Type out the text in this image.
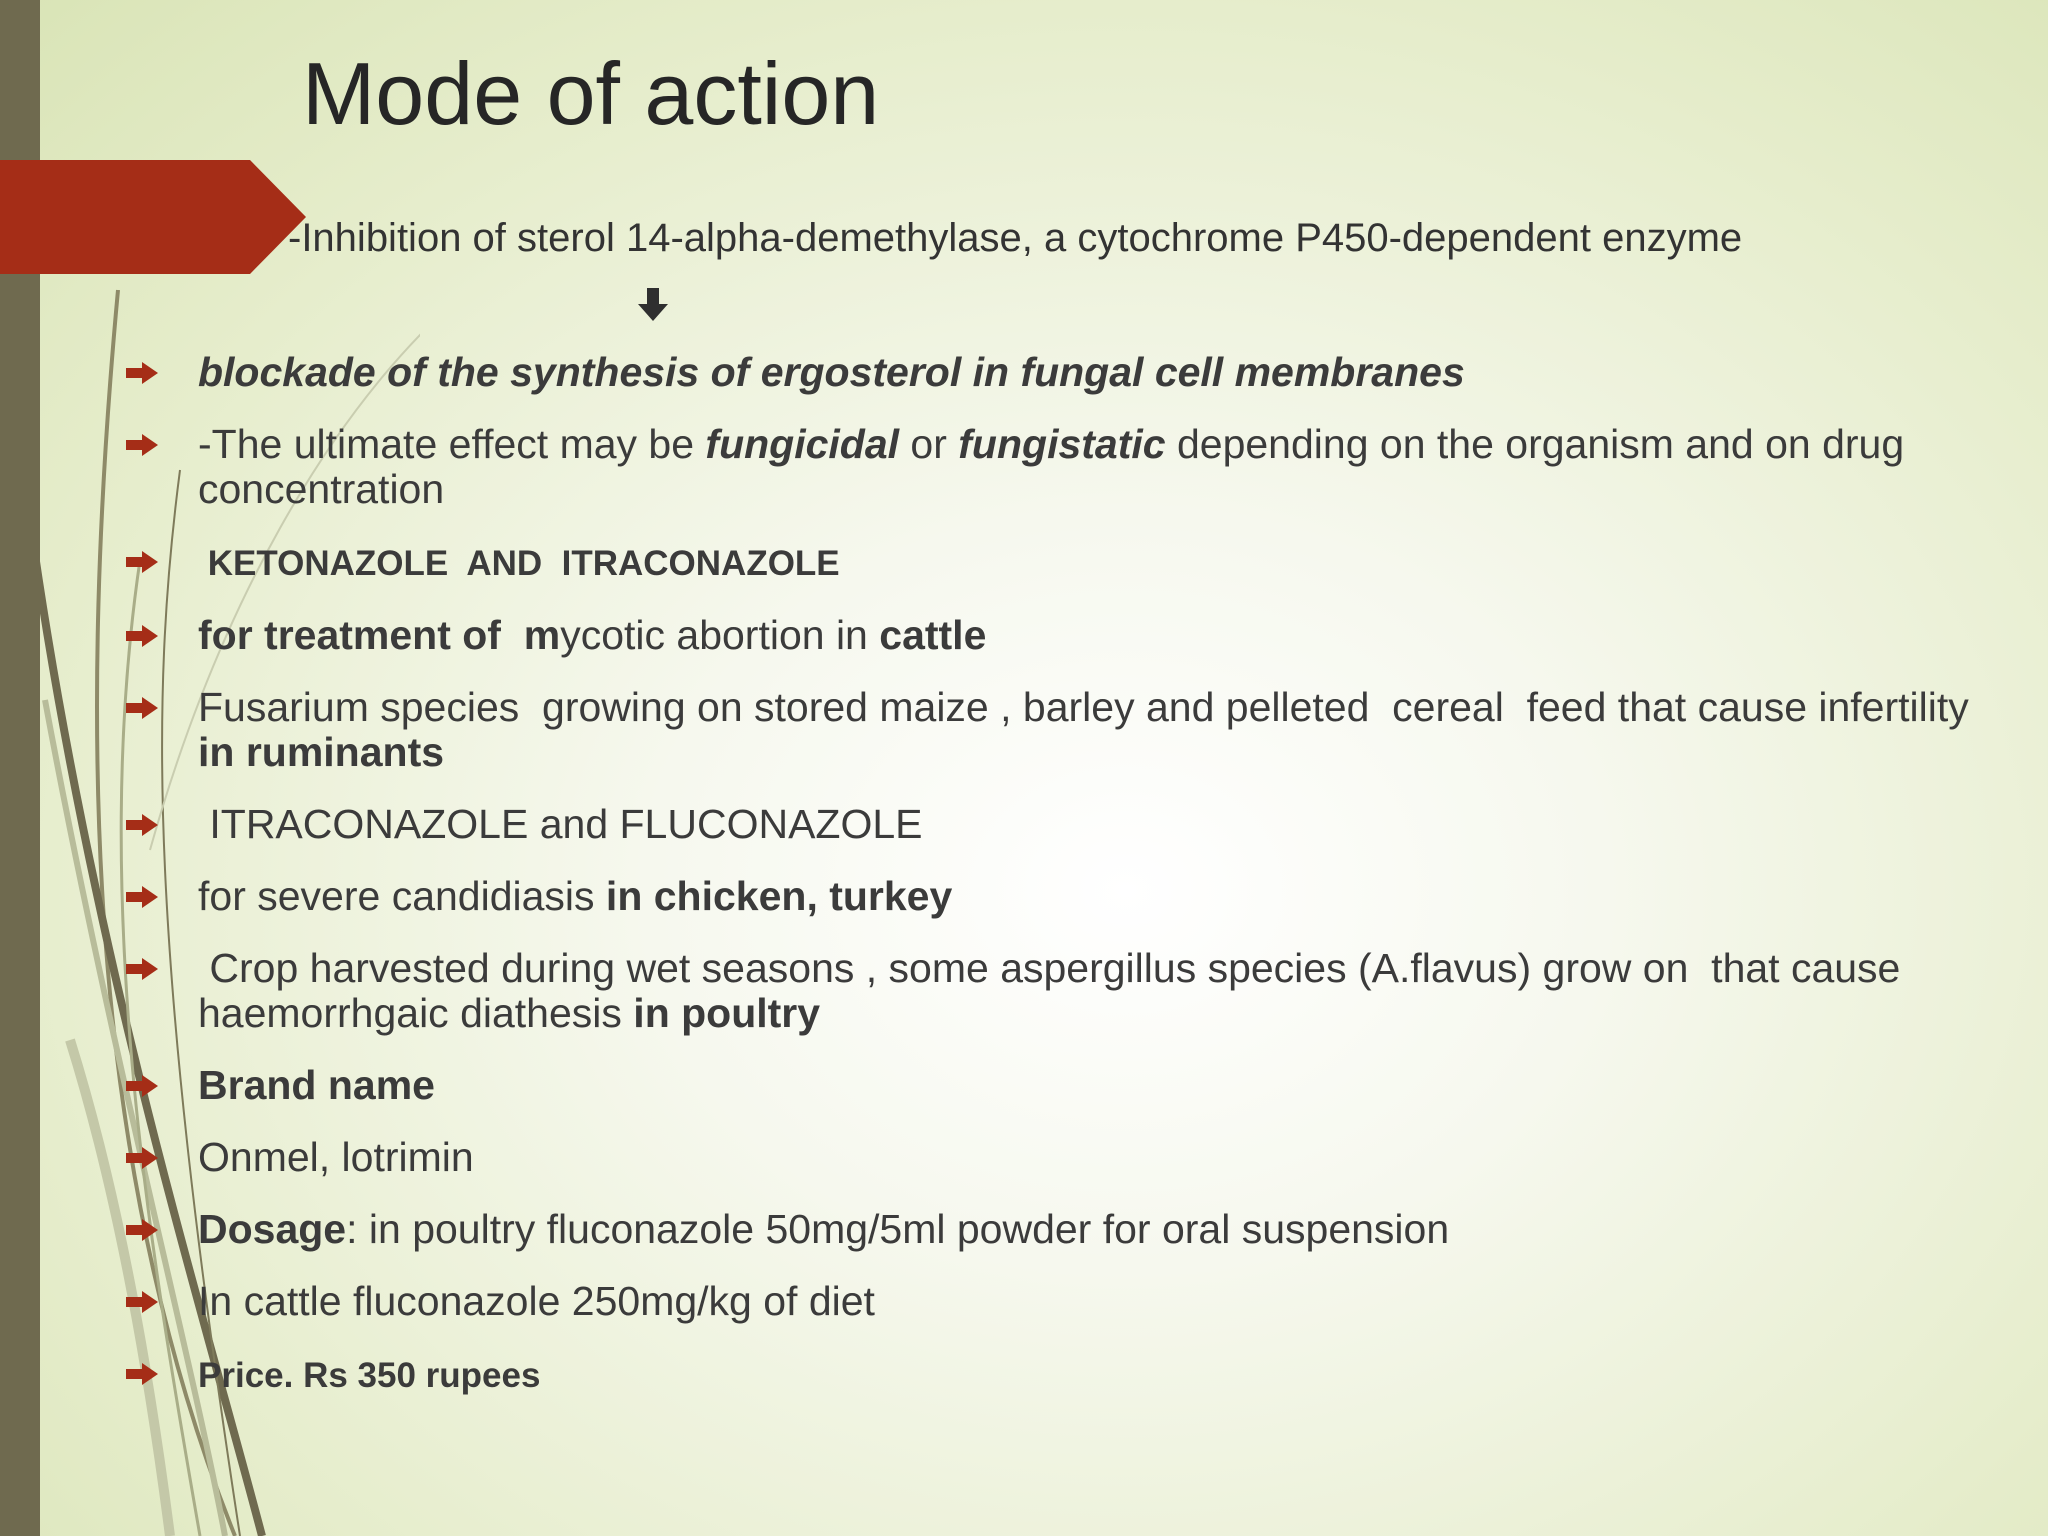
Mode of action
-Inhibition of sterol 14-alpha-demethylase, a cytochrome P450-dependent enzyme
blockade of the synthesis of ergosterol in fungal cell membranes
-The ultimate effect may be fungicidal or fungistatic depending on the organism and on drug concentration
KETONAZOLE  AND  ITRACONAZOLE
for treatment of  mycotic abortion in cattle
Fusarium species  growing on stored maize , barley and pelleted  cereal  feed that cause infertility in ruminants
ITRACONAZOLE and FLUCONAZOLE
for severe candidiasis in chicken, turkey
Crop harvested during wet seasons , some aspergillus species (A.flavus) grow on  that cause    haemorrhgaic diathesis in poultry
Brand name
Onmel, lotrimin
Dosage: in poultry fluconazole 50mg/5ml powder for oral suspension
In cattle fluconazole 250mg/kg of diet
Price. Rs 350 rupees
